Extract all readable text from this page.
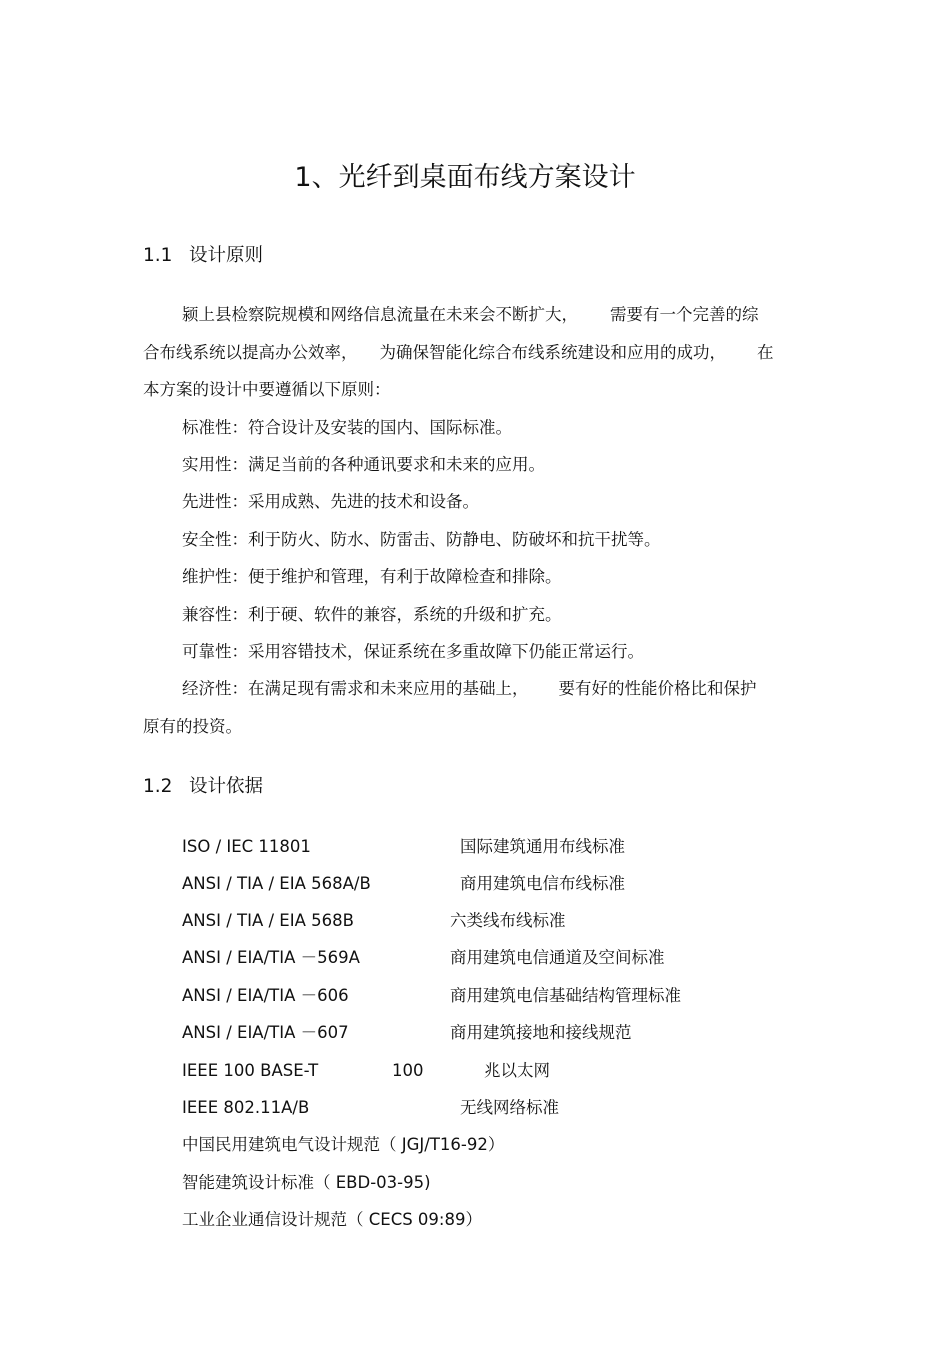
1、光纤到桌面布线方案设计
1.1 设计原则
颍上县检察院规模和网络信息流量在未来会不断扩大， 需要有一个完善的综
合布线系统以提高办公效率， 为确保智能化综合布线系统建设和应用的成功， 在
本方案的设计中要遵循以下原则：
标准性：符合设计及安装的国内、国际标准。
实用性：满足当前的各种通讯要求和未来的应用。
先进性：采用成熟、先进的技术和设备。
安全性：利于防火、防水、防雷击、防静电、防破坏和抗干扰等。
维护性：便于维护和管理，有利于故障检查和排除。
兼容性：利于硬、软件的兼容，系统的升级和扩充。
可靠性：采用容错技术，保证系统在多重故障下仍能正常运行。
经济性：在满足现有需求和未来应用的基础上， 要有好的性能价格比和保护
原有的投资。
1.2 设计依据
ISO / IEC 11801	国际建筑通用布线标准
ANSI / TIA / EIA 568A/B	商用建筑电信布线标准
ANSI / TIA / EIA 568B	六类线布线标准
ANSI / EIA/TIA －569A	商用建筑电信通道及空间标准
ANSI / EIA/TIA －606	商用建筑电信基础结构管理标准
ANSI / EIA/TIA －607	商用建筑接地和接线规范
IEEE 100 BASE-T	100	兆以太网
IEEE 802.11A/B	无线网络标准
中国民用建筑电气设计规范（ JGJ/T16-92）
智能建筑设计标准（ EBD-03-95)
工业企业通信设计规范（ CECS 09:89）
